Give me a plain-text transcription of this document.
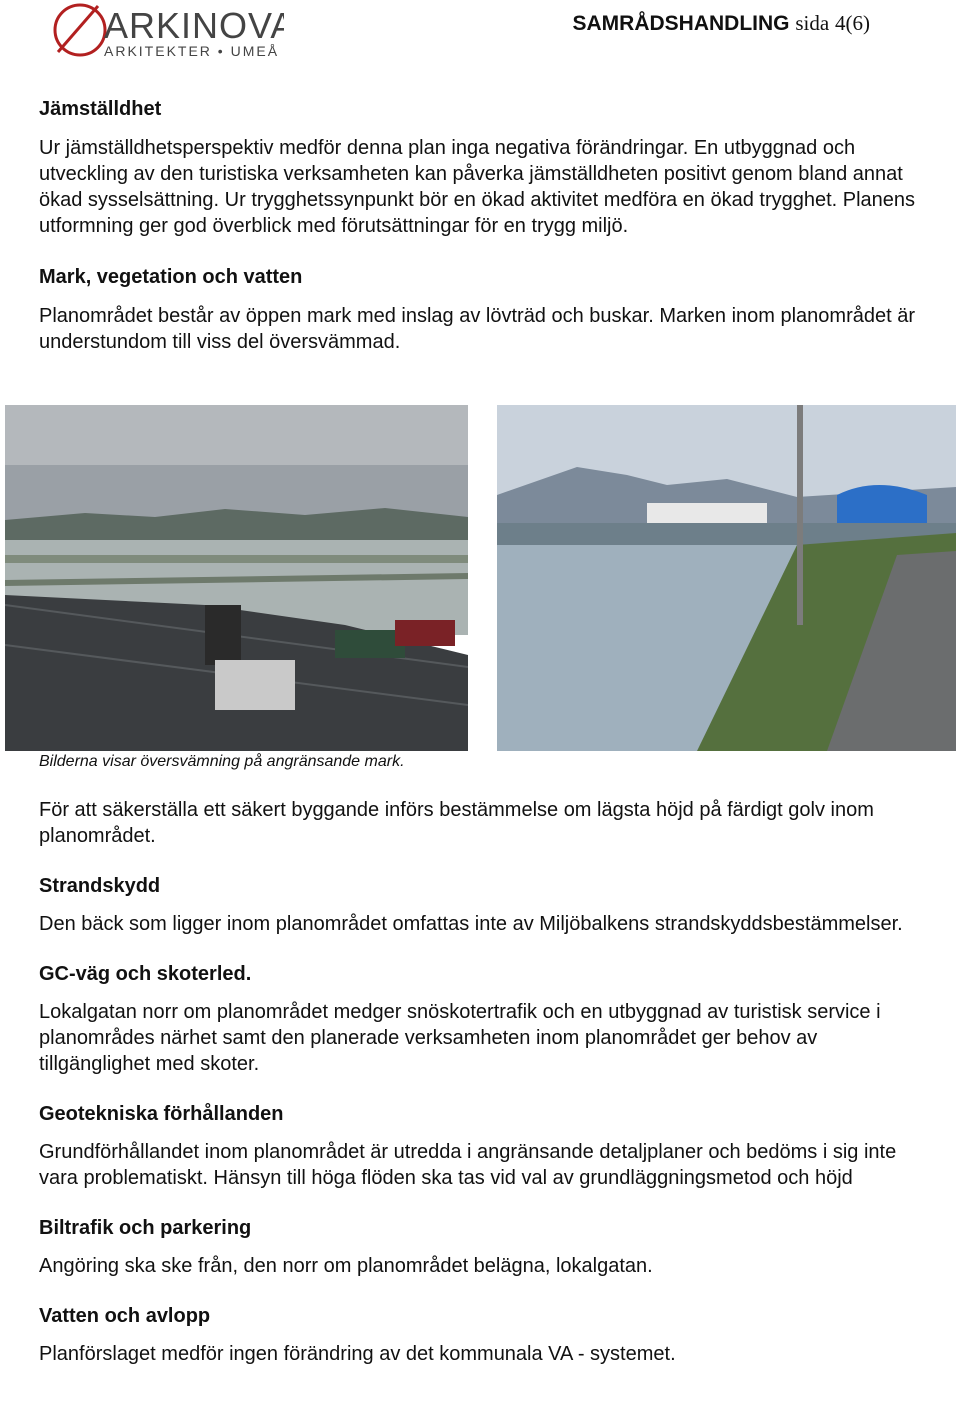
ARKINOVA
ARKITEKTER • UMEÅ
SAMRÅDSHANDLING sida 4(6)
Jämställdhet

Ur jämställdhetsperspektiv medför denna plan inga negativa förändringar. En utbyggnad och utveckling av den turistiska verksamheten kan påverka jämställdheten positivt genom bland annat ökad sysselsättning. Ur trygghetssynpunkt bör en ökad aktivitet medföra en ökad trygghet. Planens utformning ger god överblick med förutsättningar för en trygg miljö.

Mark, vegetation och vatten

Planområdet består av öppen mark med inslag av lövträd och buskar. Marken inom planområdet är understundom till viss del översvämmad.

Bilderna visar översvämning på angränsande mark.

För att säkerställa ett säkert byggande införs bestämmelse om lägsta höjd på färdigt golv inom planområdet.

Strandskydd

Den bäck som ligger inom planområdet omfattas inte av Miljöbalkens strandskyddsbestämmelser.

GC-väg och skoterled.

Lokalgatan norr om planområdet medger snöskotertrafik och en utbyggnad av turistisk service i planområdes närhet samt den planerade verksamheten inom planområdet ger behov av tillgänglighet med skoter.

Geotekniska förhållanden

Grundförhållandet inom planområdet är utredda i angränsande detaljplaner och bedöms i sig inte vara problematiskt. Hänsyn till höga flöden ska tas vid val av grundläggningsmetod och höjd

Biltrafik och parkering

Angöring ska ske från, den norr om planområdet belägna, lokalgatan.

Vatten och avlopp

Planförslaget medför ingen förändring av det kommunala VA - systemet.
